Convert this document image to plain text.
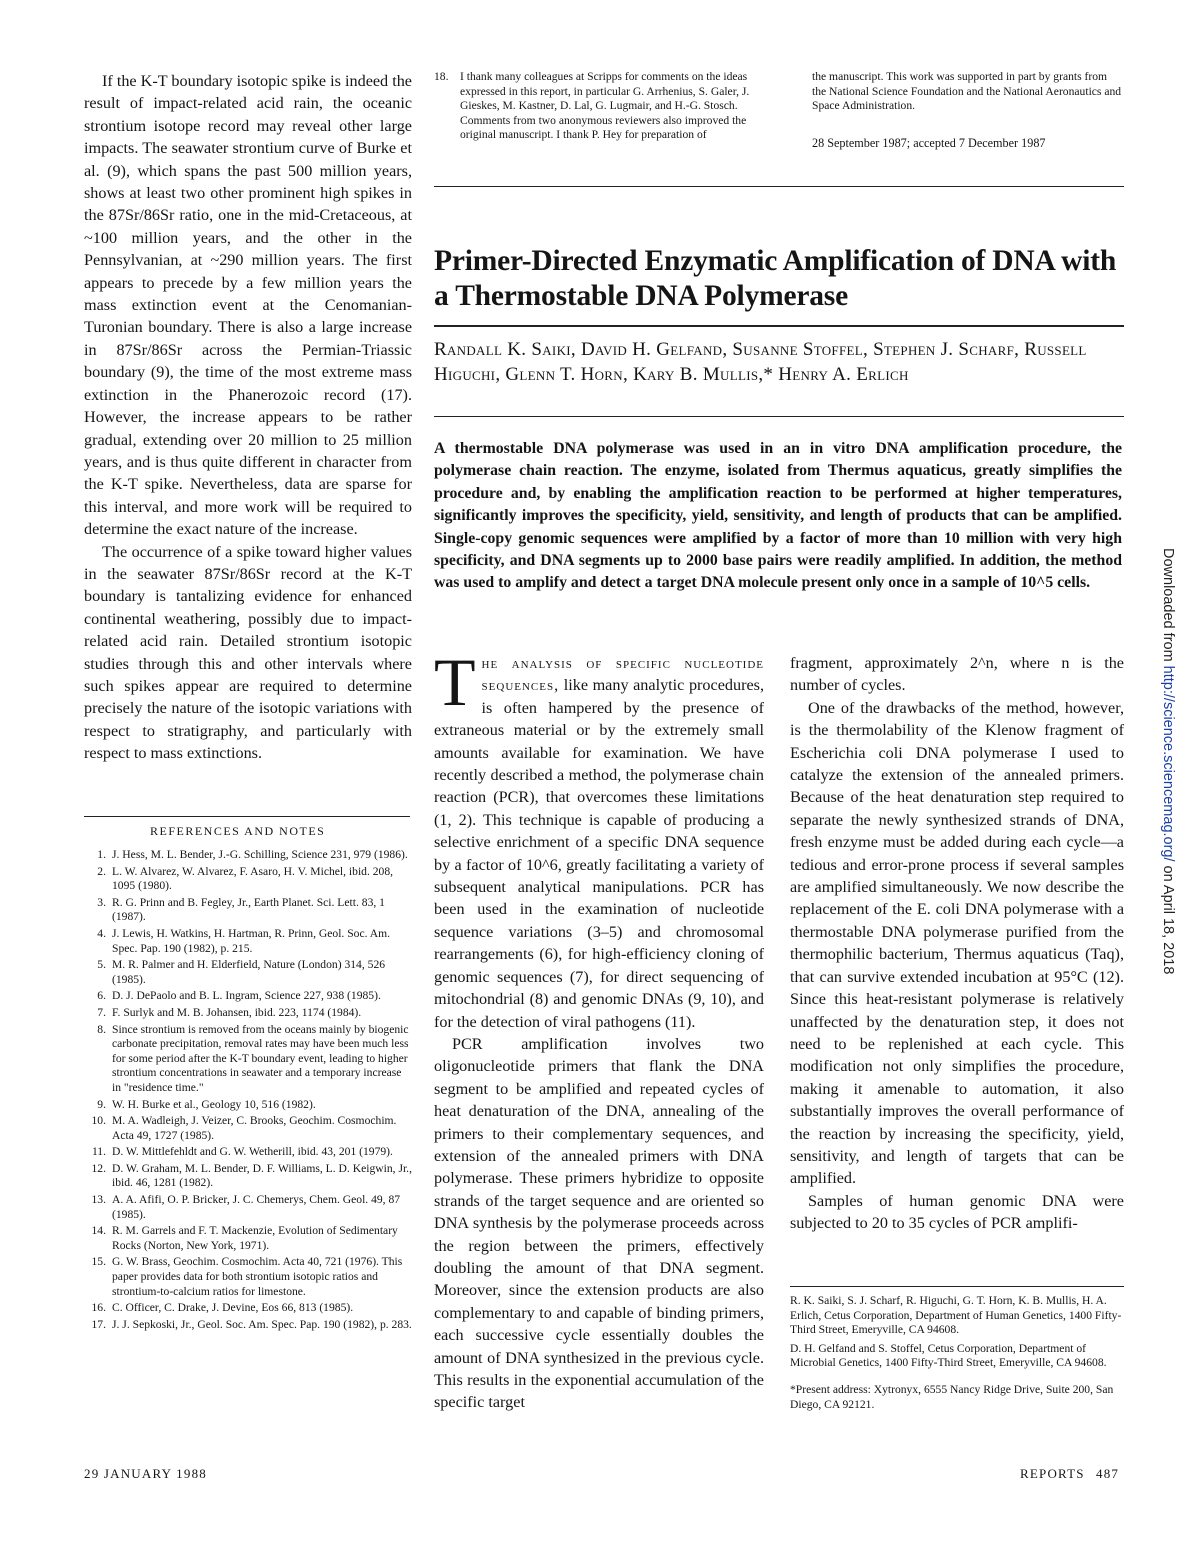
If the K-T boundary isotopic spike is indeed the result of impact-related acid rain, the oceanic strontium isotope record may reveal other large impacts. The seawater strontium curve of Burke et al. (9), which spans the past 500 million years, shows at least two other prominent high spikes in the 87Sr/86Sr ratio, one in the mid-Cretaceous, at ~100 million years, and the other in the Pennsylvanian, at ~290 million years. The first appears to precede by a few million years the mass extinction event at the Cenomanian-Turonian boundary. There is also a large increase in 87Sr/86Sr across the Permian-Triassic boundary (9), the time of the most extreme mass extinction in the Phanerozoic record (17). However, the increase appears to be rather gradual, extending over 20 million to 25 million years, and is thus quite different in character from the K-T spike. Nevertheless, data are sparse for this interval, and more work will be required to determine the exact nature of the increase.

The occurrence of a spike toward higher values in the seawater 87Sr/86Sr record at the K-T boundary is tantalizing evidence for enhanced continental weathering, possibly due to impact-related acid rain. Detailed strontium isotopic studies through this and other intervals where such spikes appear are required to determine precisely the nature of the isotopic variations with respect to stratigraphy, and particularly with respect to mass extinctions.

REFERENCES AND NOTES
1. J. Hess, M. L. Bender, J.-G. Schilling, Science 231, 979 (1986).
2. L. W. Alvarez, W. Alvarez, F. Asaro, H. V. Michel, ibid. 208, 1095 (1980).
3. R. G. Prinn and B. Fegley, Jr., Earth Planet. Sci. Lett. 83, 1 (1987).
4. J. Lewis, H. Watkins, H. Hartman, R. Prinn, Geol. Soc. Am. Spec. Pap. 190 (1982), p. 215.
5. M. R. Palmer and H. Elderfield, Nature (London) 314, 526 (1985).
6. D. J. DePaolo and B. L. Ingram, Science 227, 938 (1985).
7. F. Surlyk and M. B. Johansen, ibid. 223, 1174 (1984).
8. Since strontium is removed from the oceans mainly by biogenic carbonate precipitation, removal rates may have been much less for some period after the K-T boundary event, leading to higher strontium concentrations in seawater and a temporary increase in "residence time."
9. W. H. Burke et al., Geology 10, 516 (1982).
10. M. A. Wadleigh, J. Veizer, C. Brooks, Geochim. Cosmochim. Acta 49, 1727 (1985).
11. D. W. Mittlefehldt and G. W. Wetherill, ibid. 43, 201 (1979).
12. D. W. Graham, M. L. Bender, D. F. Williams, L. D. Keigwin, Jr., ibid. 46, 1281 (1982).
13. A. A. Afifi, O. P. Bricker, J. C. Chemerys, Chem. Geol. 49, 87 (1985).
14. R. M. Garrels and F. T. Mackenzie, Evolution of Sedimentary Rocks (Norton, New York, 1971).
15. G. W. Brass, Geochim. Cosmochim. Acta 40, 721 (1976). This paper provides data for both strontium isotopic ratios and strontium-to-calcium ratios for limestone.
16. C. Officer, C. Drake, J. Devine, Eos 66, 813 (1985).
17. J. J. Sepkoski, Jr., Geol. Soc. Am. Spec. Pap. 190 (1982), p. 283.

18. I thank many colleagues at Scripps for comments on the ideas expressed in this report, in particular G. Arrhenius, S. Galer, J. Gieskes, M. Kastner, D. Lal, G. Lugmair, and H.-G. Stosch. Comments from two anonymous reviewers also improved the original manuscript. I thank P. Hey for preparation of

the manuscript. This work was supported in part by grants from the National Science Foundation and the National Aeronautics and Space Administration.

28 September 1987; accepted 7 December 1987

Primer-Directed Enzymatic Amplification of DNA with a Thermostable DNA Polymerase

Randall K. Saiki, David H. Gelfand, Susanne Stoffel, Stephen J. Scharf, Russell Higuchi, Glenn T. Horn, Kary B. Mullis,* Henry A. Erlich

A thermostable DNA polymerase was used in an in vitro DNA amplification procedure, the polymerase chain reaction. The enzyme, isolated from Thermus aquaticus, greatly simplifies the procedure and, by enabling the amplification reaction to be performed at higher temperatures, significantly improves the specificity, yield, sensitivity, and length of products that can be amplified. Single-copy genomic sequences were amplified by a factor of more than 10 million with very high specificity, and DNA segments up to 2000 base pairs were readily amplified. In addition, the method was used to amplify and detect a target DNA molecule present only once in a sample of 10^5 cells.

The analysis of specific nucleotide sequences, like many analytic procedures, is often hampered by the presence of extraneous material or by the extremely small amounts available for examination. We have recently described a method, the polymerase chain reaction (PCR), that overcomes these limitations (1, 2). This technique is capable of producing a selective enrichment of a specific DNA sequence by a factor of 10^6, greatly facilitating a variety of subsequent analytical manipulations. PCR has been used in the examination of nucleotide sequence variations (3–5) and chromosomal rearrangements (6), for high-efficiency cloning of genomic sequences (7), for direct sequencing of mitochondrial (8) and genomic DNAs (9, 10), and for the detection of viral pathogens (11).

PCR amplification involves two oligonucleotide primers that flank the DNA segment to be amplified and repeated cycles of heat denaturation of the DNA, annealing of the primers to their complementary sequences, and extension of the annealed primers with DNA polymerase. These primers hybridize to opposite strands of the target sequence and are oriented so DNA synthesis by the polymerase proceeds across the region between the primers, effectively doubling the amount of that DNA segment. Moreover, since the extension products are also complementary to and capable of binding primers, each successive cycle essentially doubles the amount of DNA synthesized in the previous cycle. This results in the exponential accumulation of the specific target

fragment, approximately 2^n, where n is the number of cycles.

One of the drawbacks of the method, however, is the thermolability of the Klenow fragment of Escherichia coli DNA polymerase I used to catalyze the extension of the annealed primers. Because of the heat denaturation step required to separate the newly synthesized strands of DNA, fresh enzyme must be added during each cycle—a tedious and error-prone process if several samples are amplified simultaneously. We now describe the replacement of the E. coli DNA polymerase with a thermostable DNA polymerase purified from the thermophilic bacterium, Thermus aquaticus (Taq), that can survive extended incubation at 95°C (12). Since this heat-resistant polymerase is relatively unaffected by the denaturation step, it does not need to be replenished at each cycle. This modification not only simplifies the procedure, making it amenable to automation, it also substantially improves the overall performance of the reaction by increasing the specificity, yield, sensitivity, and length of targets that can be amplified.

Samples of human genomic DNA were subjected to 20 to 35 cycles of PCR amplifi-

R. K. Saiki, S. J. Scharf, R. Higuchi, G. T. Horn, K. B. Mullis, H. A. Erlich, Cetus Corporation, Department of Human Genetics, 1400 Fifty-Third Street, Emeryville, CA 94608.

D. H. Gelfand and S. Stoffel, Cetus Corporation, Department of Microbial Genetics, 1400 Fifty-Third Street, Emeryville, CA 94608.

*Present address: Xytronyx, 6555 Nancy Ridge Drive, Suite 200, San Diego, CA 92121.

29 JANUARY 1988	REPORTS 487
Downloaded from http://science.sciencemag.org/ on April 18, 2018
